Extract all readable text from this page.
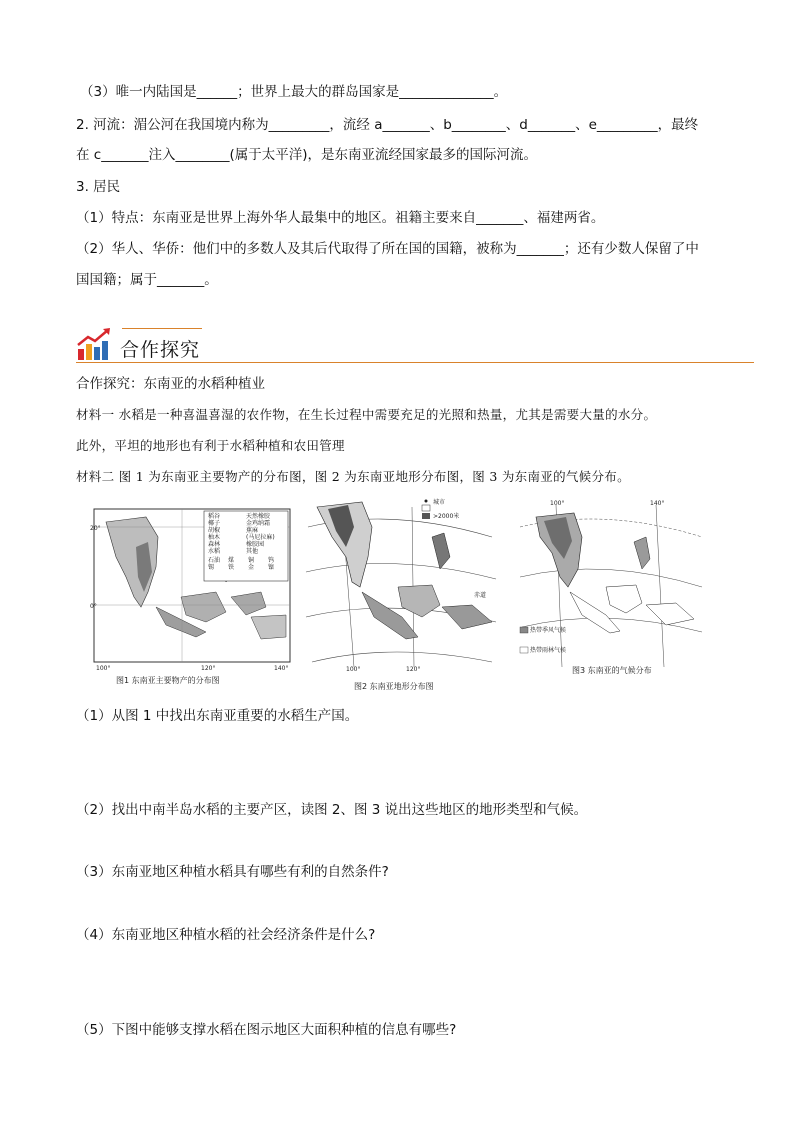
（3）唯一内陆国是______；世界上最大的群岛国家是______________。
2. 河流：湄公河在我国境内称为_________，流经 a_______、b________、d_______、e_________，最终
在 c_______注入________(属于太平洋)，是东南亚流经国家最多的国际河流。
3. 居民
（1）特点：东南亚是世界上海外华人最集中的地区。祖籍主要来自_______、福建两省。
（2）华人、华侨：他们中的多数人及其后代取得了所在国的国籍，被称为_______；还有少数人保留了中
国国籍；属于_______。
合作探究
合作探究：东南亚的水稻种植业
材料一 水稻是一种喜温喜湿的农作物，在生长过程中需要充足的光照和热量，尤其是需要大量的水分。
此外，平坦的地形也有利于水稻种植和农田管理
材料二 图 1 为东南亚主要物产的分布图，图 2 为东南亚地形分布图，图 3 为东南亚的气候分布。
20°
0°
100°	120°	140°
稻谷
椰子
胡椒
柚木
森林
水稻
天然橡胶
金鸡纳霜
蕉麻
(马尼拉麻)
橡胶园
其他
石油
锡
煤
铁
铜
金
钨
镍
图1 东南亚主要物产的分布图
城市
>2000米
赤道
100°	120°
图2 东南亚地形分布图
热带季风气候
热带雨林气候
100°	140°
图3 东南亚的气候分布
（1）从图 1 中找出东南亚重要的水稻生产国。
（2）找出中南半岛水稻的主要产区，读图 2、图 3 说出这些地区的地形类型和气候。
（3）东南亚地区种植水稻具有哪些有利的自然条件?
（4）东南亚地区种植水稻的社会经济条件是什么?
（5）下图中能够支撑水稻在图示地区大面积种植的信息有哪些?
